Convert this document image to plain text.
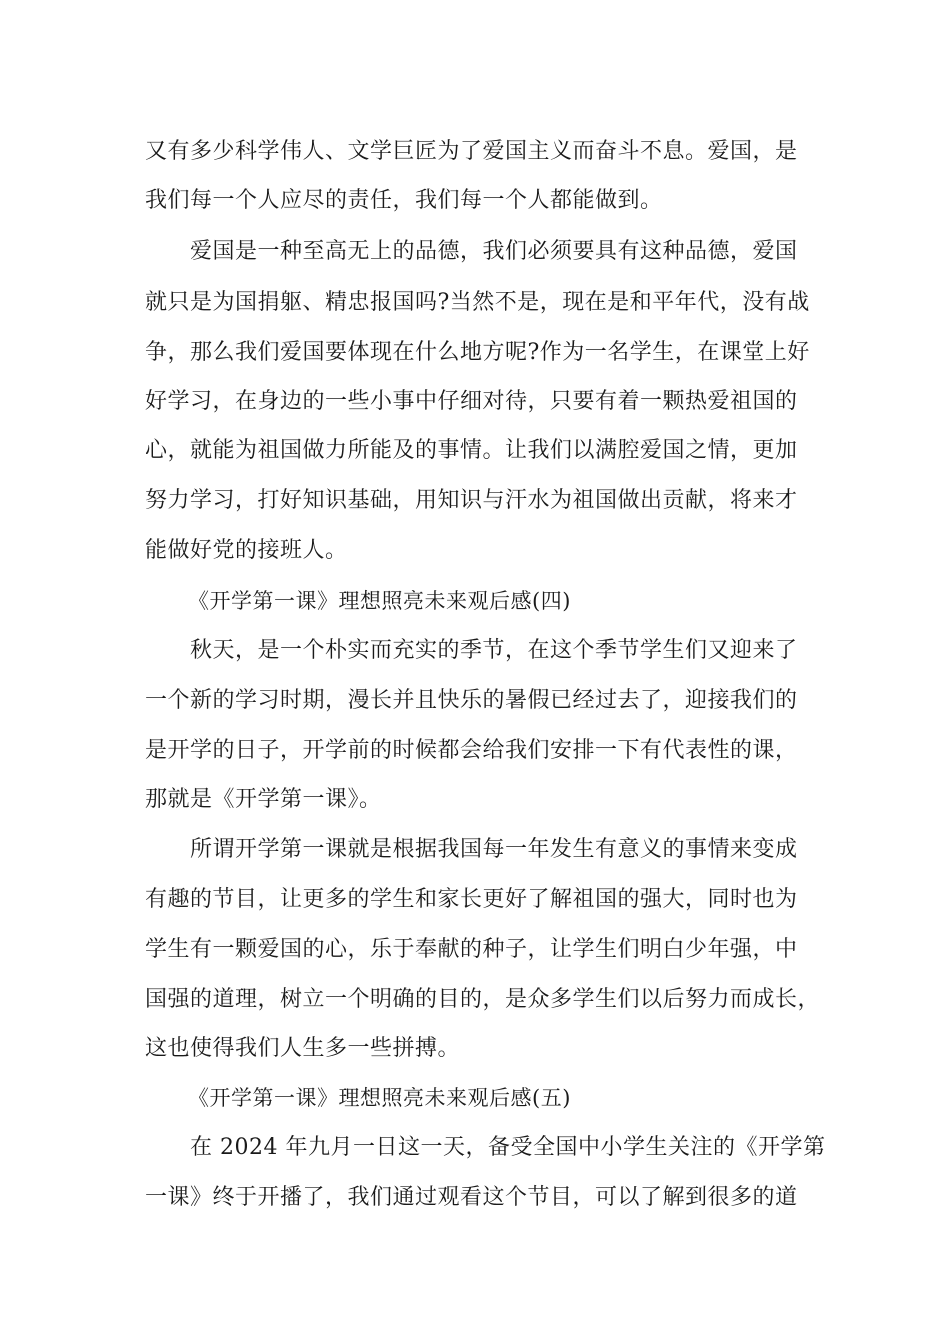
又有多少科学伟人、文学巨匠为了爱国主义而奋斗不息。爱国，是
我们每一个人应尽的责任，我们每一个人都能做到。
爱国是一种至高无上的品德，我们必须要具有这种品德，爱国
就只是为国捐躯、精忠报国吗?当然不是，现在是和平年代，没有战
争，那么我们爱国要体现在什么地方呢?作为一名学生，在课堂上好
好学习，在身边的一些小事中仔细对待，只要有着一颗热爱祖国的
心，就能为祖国做力所能及的事情。让我们以满腔爱国之情，更加
努力学习，打好知识基础，用知识与汗水为祖国做出贡献，将来才
能做好党的接班人。
《开学第一课》理想照亮未来观后感(四)
秋天，是一个朴实而充实的季节，在这个季节学生们又迎来了
一个新的学习时期，漫长并且快乐的暑假已经过去了，迎接我们的
是开学的日子，开学前的时候都会给我们安排一下有代表性的课，
那就是《开学第一课》。
所谓开学第一课就是根据我国每一年发生有意义的事情来变成
有趣的节目，让更多的学生和家长更好了解祖国的强大，同时也为
学生有一颗爱国的心，乐于奉献的种子，让学生们明白少年强，中
国强的道理，树立一个明确的目的，是众多学生们以后努力而成长，
这也使得我们人生多一些拼搏。
《开学第一课》理想照亮未来观后感(五)
在 2024 年九月一日这一天，备受全国中小学生关注的《开学第
一课》终于开播了，我们通过观看这个节目，可以了解到很多的道
